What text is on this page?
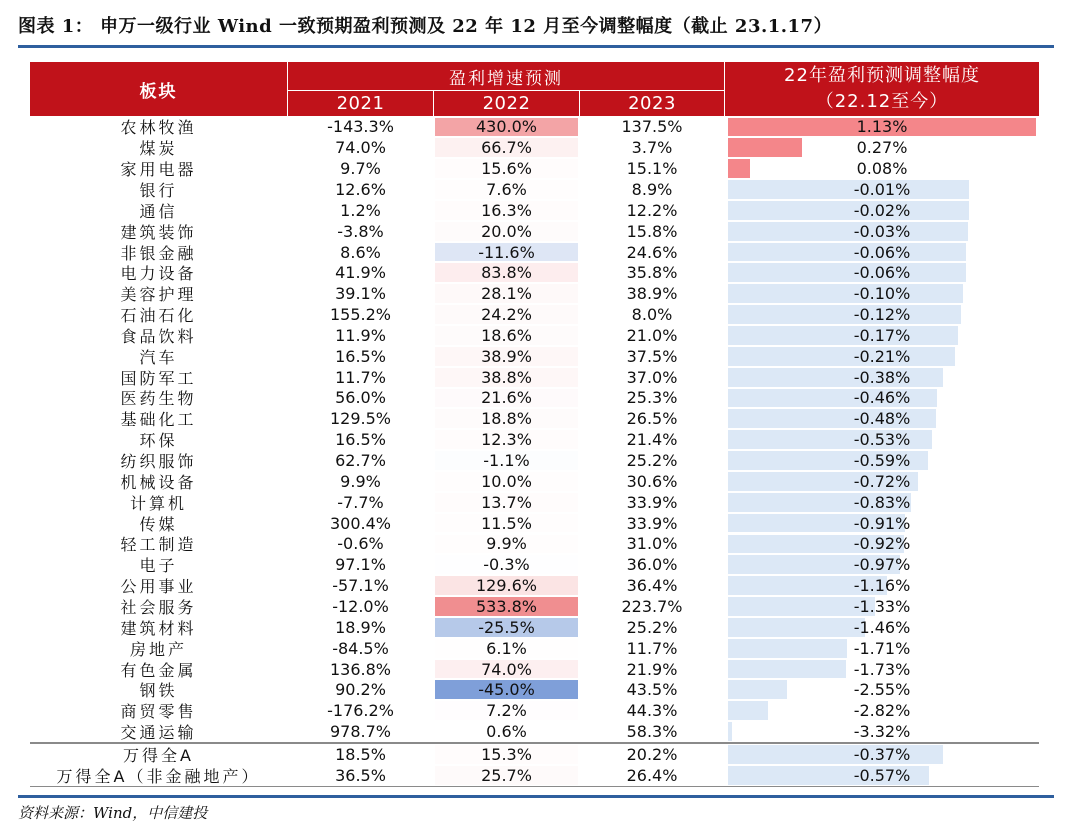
图表 1： 申万一级行业 Wind 一致预期盈利预测及 22 年 12 月至今调整幅度（截止 23.1.17）
板块
盈利增速预测
2021	2022	2023
22年盈利预测调整幅度
（22.12至今）
农林牧渔	-143.3%	430.0%	137.5%	1.13%
煤炭	74.0%	66.7%	3.7%	0.27%
家用电器	9.7%	15.6%	15.1%	0.08%
银行	12.6%	7.6%	8.9%	-0.01%
通信	1.2%	16.3%	12.2%	-0.02%
建筑装饰	-3.8%	20.0%	15.8%	-0.03%
非银金融	8.6%	-11.6%	24.6%	-0.06%
电力设备	41.9%	83.8%	35.8%	-0.06%
美容护理	39.1%	28.1%	38.9%	-0.10%
石油石化	155.2%	24.2%	8.0%	-0.12%
食品饮料	11.9%	18.6%	21.0%	-0.17%
汽车	16.5%	38.9%	37.5%	-0.21%
国防军工	11.7%	38.8%	37.0%	-0.38%
医药生物	56.0%	21.6%	25.3%	-0.46%
基础化工	129.5%	18.8%	26.5%	-0.48%
环保	16.5%	12.3%	21.4%	-0.53%
纺织服饰	62.7%	-1.1%	25.2%	-0.59%
机械设备	9.9%	10.0%	30.6%	-0.72%
计算机	-7.7%	13.7%	33.9%	-0.83%
传媒	300.4%	11.5%	33.9%	-0.91%
轻工制造	-0.6%	9.9%	31.0%	-0.92%
电子	97.1%	-0.3%	36.0%	-0.97%
公用事业	-57.1%	129.6%	36.4%	-1.16%
社会服务	-12.0%	533.8%	223.7%	-1.33%
建筑材料	18.9%	-25.5%	25.2%	-1.46%
房地产	-84.5%	6.1%	11.7%	-1.71%
有色金属	136.8%	74.0%	21.9%	-1.73%
钢铁	90.2%	-45.0%	43.5%	-2.55%
商贸零售	-176.2%	7.2%	44.3%	-2.82%
交通运输	978.7%	0.6%	58.3%	-3.32%
万得全A	18.5%	15.3%	20.2%	-0.37%
万得全A（非金融地产）	36.5%	25.7%	26.4%	-0.57%
资料来源：Wind，中信建投
